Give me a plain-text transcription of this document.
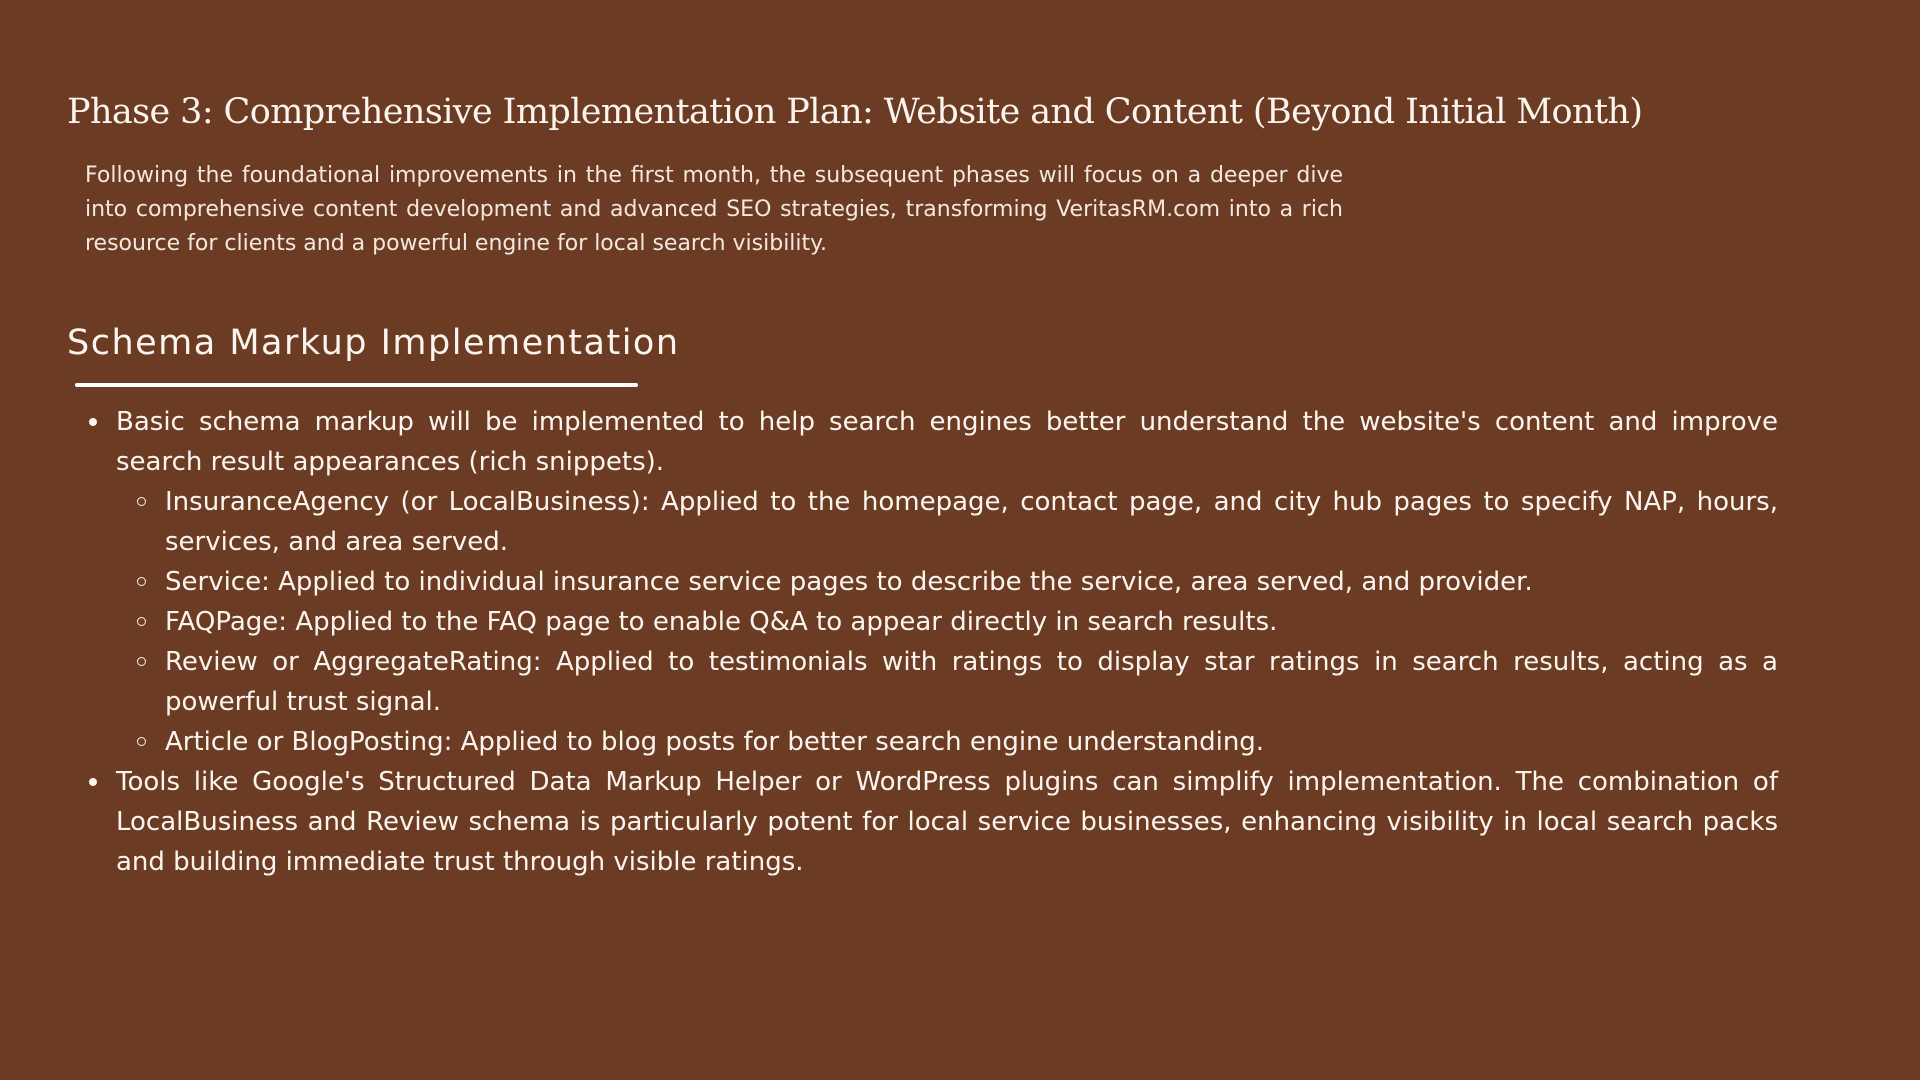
Phase 3: Comprehensive Implementation Plan: Website and Content (Beyond Initial Month)

Following the foundational improvements in the first month, the subsequent phases will focus on a deeper dive into comprehensive content development and advanced SEO strategies, transforming VeritasRM.com into a rich resource for clients and a powerful engine for local search visibility.

Schema Markup Implementation
Basic schema markup will be implemented to help search engines better understand the website's content and improve search result appearances (rich snippets).
InsuranceAgency (or LocalBusiness): Applied to the homepage, contact page, and city hub pages to specify NAP, hours, services, and area served.
Service: Applied to individual insurance service pages to describe the service, area served, and provider.
FAQPage: Applied to the FAQ page to enable Q&A to appear directly in search results.
Review or AggregateRating: Applied to testimonials with ratings to display star ratings in search results, acting as a powerful trust signal.
Article or BlogPosting: Applied to blog posts for better search engine understanding.
Tools like Google's Structured Data Markup Helper or WordPress plugins can simplify implementation. The combination of LocalBusiness and Review schema is particularly potent for local service businesses, enhancing visibility in local search packs and building immediate trust through visible ratings.
